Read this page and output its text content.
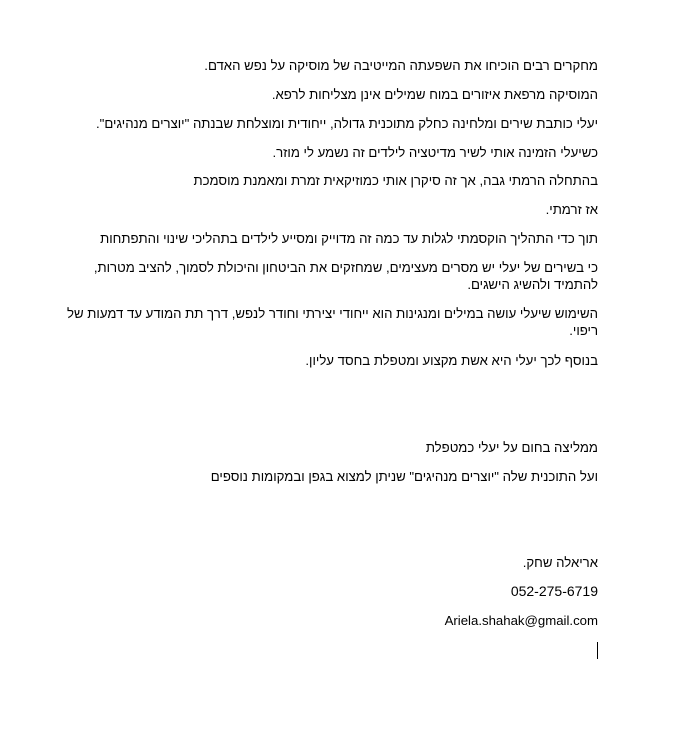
מחקרים רבים הוכיחו את השפעתה המייטיבה של מוסיקה על נפש האדם.
המוסיקה מרפאת איזורים במוח שמילים אינן מצליחות לרפא.
יעלי כותבת שירים ומלחינה כחלק מתוכנית גדולה, ייחודית ומוצלחת שבנתה "יוצרים מנהיגים".
כשיעלי הזמינה אותי לשיר מדיטציה לילדים זה נשמע לי מוזר.
בהתחלה הרמתי גבה, אך זה סיקרן אותי כמוזיקאית זמרת ומאמנת מוסמכת
אז זרמתי.
תוך כדי התהליך הוקסמתי לגלות עד כמה זה מדוייק ומסייע לילדים בתהליכי שינוי והתפתחות
כי בשירים של יעלי יש מסרים מעצימים, שמחזקים את הביטחון והיכולת לסמוך, להציב מטרות, להתמיד ולהשיג הישגים.
השימוש שיעלי עושה במילים ומנגינות הוא ייחודי יצירתי וחודר לנפש, דרך תת המודע עד דמעות של ריפוי.
בנוסף לכך יעלי היא אשת מקצוע ומטפלת בחסד עליון.
ממליצה בחום על יעלי כמטפלת
ועל התוכנית שלה "יוצרים מנהיגים" שניתן למצוא בגפן ובמקומות נוספים
אריאלה שחק.
052-275-6719
Ariela.shahak@gmail.com
